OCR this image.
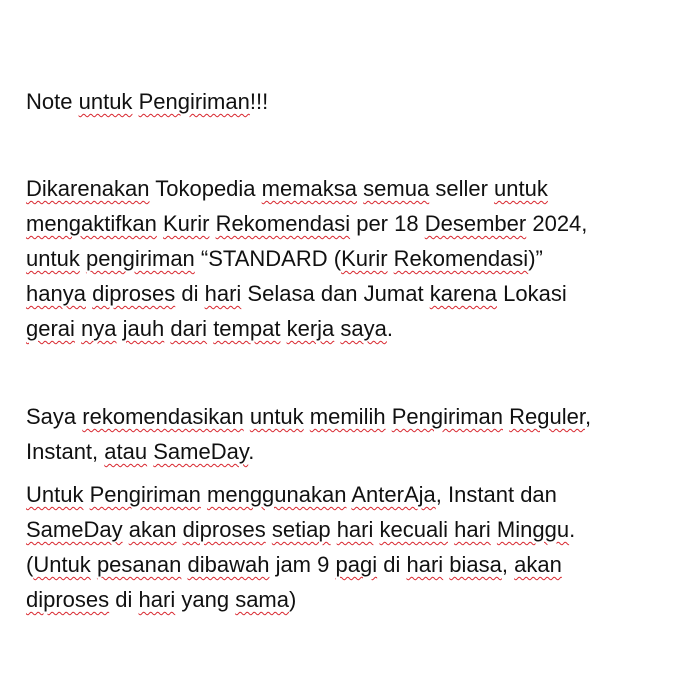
Note untuk Pengiriman!!!

Dikarenakan Tokopedia memaksa semua seller untuk
mengaktifkan Kurir Rekomendasi per 18 Desember 2024,
untuk pengiriman “STANDARD (Kurir Rekomendasi)”
hanya diproses di hari Selasa dan Jumat karena Lokasi
gerai nya jauh dari tempat kerja saya.

Saya rekomendasikan untuk memilih Pengiriman Reguler,
Instant, atau SameDay.

Untuk Pengiriman menggunakan AnterAja, Instant dan
SameDay akan diproses setiap hari kecuali hari Minggu.
(Untuk pesanan dibawah jam 9 pagi di hari biasa, akan
diproses di hari yang sama)
